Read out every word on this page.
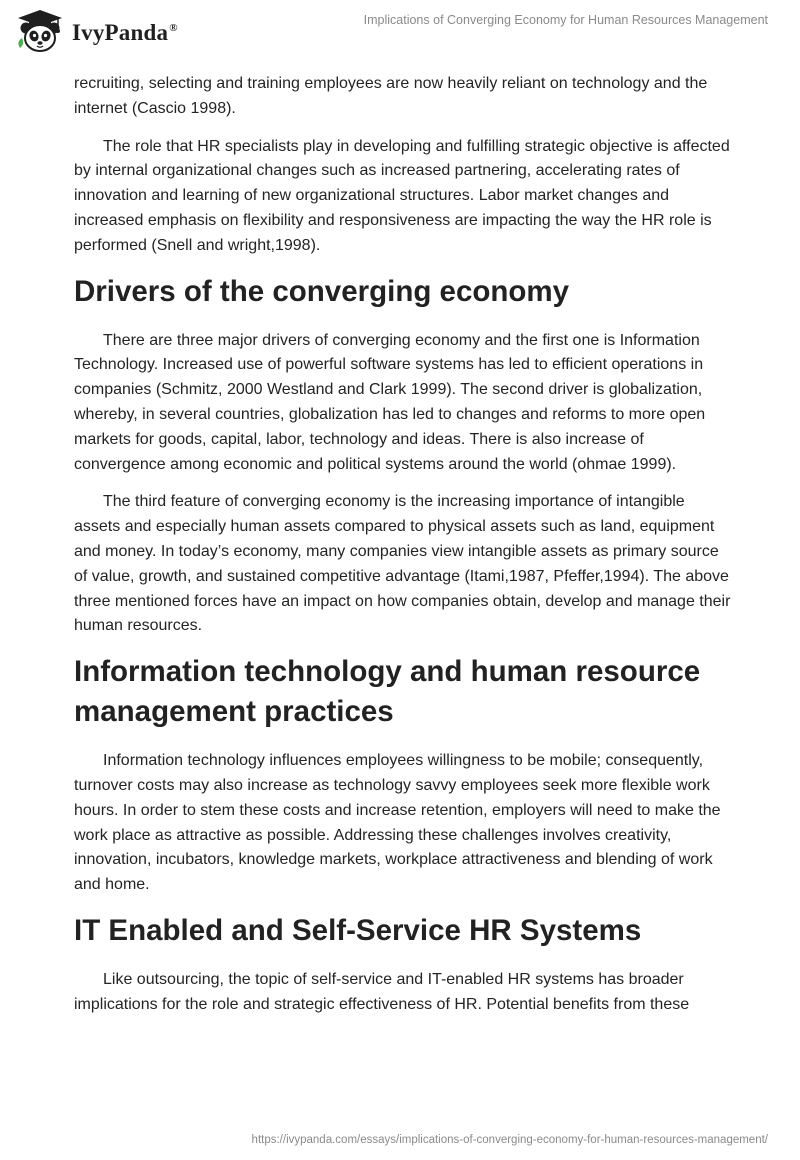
IvyPanda®
Implications of Converging Economy for Human Resources Management

recruiting, selecting and training employees are now heavily reliant on technology and the internet (Cascio 1998).

The role that HR specialists play in developing and fulfilling strategic objective is affected by internal organizational changes such as increased partnering, accelerating rates of innovation and learning of new organizational structures. Labor market changes and increased emphasis on flexibility and responsiveness are impacting the way the HR role is performed (Snell and wright,1998).

Drivers of the converging economy

There are three major drivers of converging economy and the first one is Information Technology. Increased use of powerful software systems has led to efficient operations in companies (Schmitz, 2000 Westland and Clark 1999). The second driver is globalization, whereby, in several countries, globalization has led to changes and reforms to more open markets for goods, capital, labor, technology and ideas. There is also increase of convergence among economic and political systems around the world (ohmae 1999).

The third feature of converging economy is the increasing importance of intangible assets and especially human assets compared to physical assets such as land, equipment and money. In today’s economy, many companies view intangible assets as primary source of value, growth, and sustained competitive advantage (Itami,1987, Pfeffer,1994). The above three mentioned forces have an impact on how companies obtain, develop and manage their human resources.

Information technology and human resource management practices

Information technology influences employees willingness to be mobile; consequently, turnover costs may also increase as technology savvy employees seek more flexible work hours. In order to stem these costs and increase retention, employers will need to make the work place as attractive as possible. Addressing these challenges involves creativity, innovation, incubators, knowledge markets, workplace attractiveness and blending of work and home.

IT Enabled and Self-Service HR Systems

Like outsourcing, the topic of self-service and IT-enabled HR systems has broader implications for the role and strategic effectiveness of HR. Potential benefits from these

https://ivypanda.com/essays/implications-of-converging-economy-for-human-resources-management/
